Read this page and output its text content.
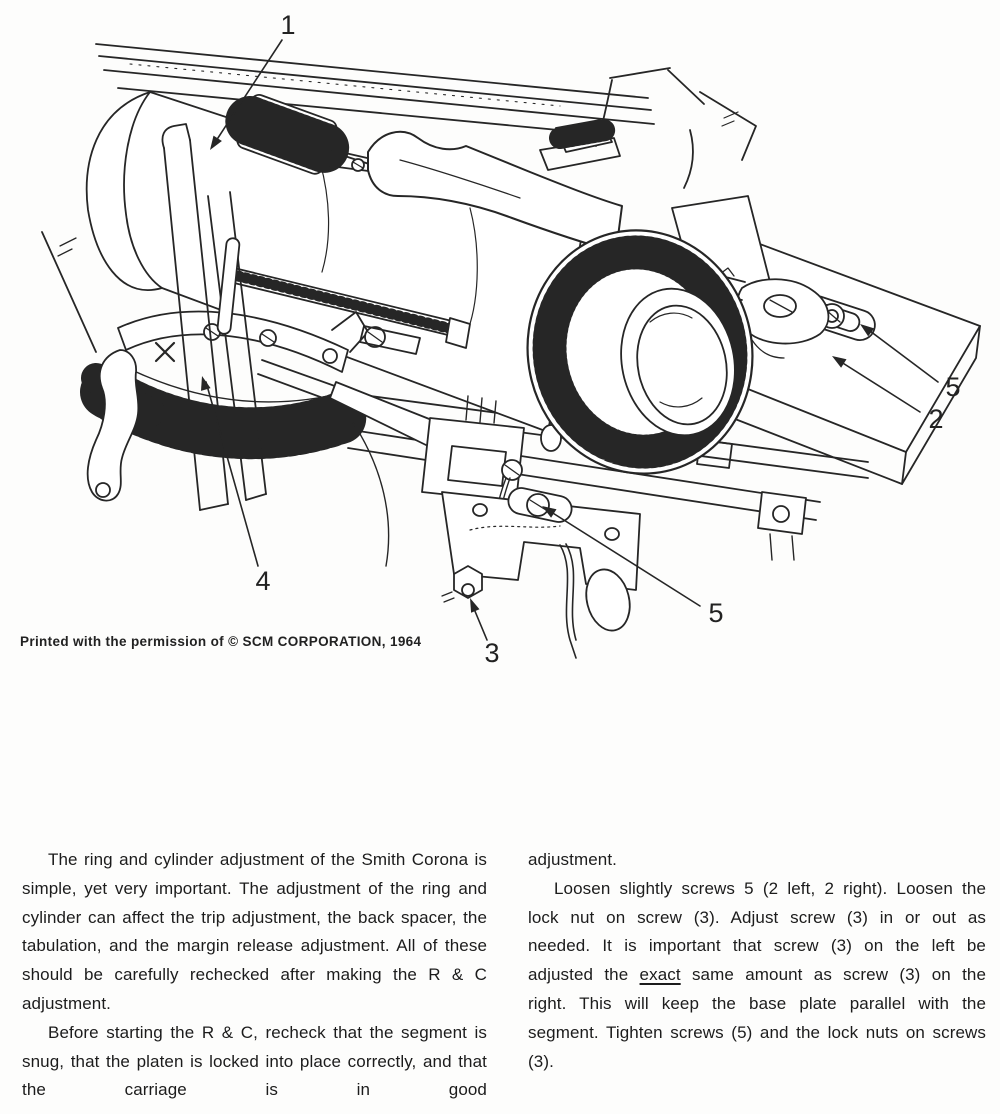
1
5
2
4
5
3
Printed with the permission of © SCM CORPORATION, 1964

The ring and cylinder adjustment of the Smith Corona is simple, yet very important. The adjustment of the ring and cylinder can affect the trip adjustment, the back spacer, the tabulation, and the margin release adjustment. All of these should be carefully rechecked after making the R & C adjustment.

Before starting the R & C, recheck that the segment is snug, that the platen is locked into place correctly, and that the carriage is in good

adjustment.

Loosen slightly screws 5 (2 left, 2 right). Loosen the lock nut on screw (3). Adjust screw (3) in or out as needed. It is important that screw (3) on the left be adjusted the exact same amount as screw (3) on the right. This will keep the base plate parallel with the segment. Tighten screws (5) and the lock nuts on screws (3).
